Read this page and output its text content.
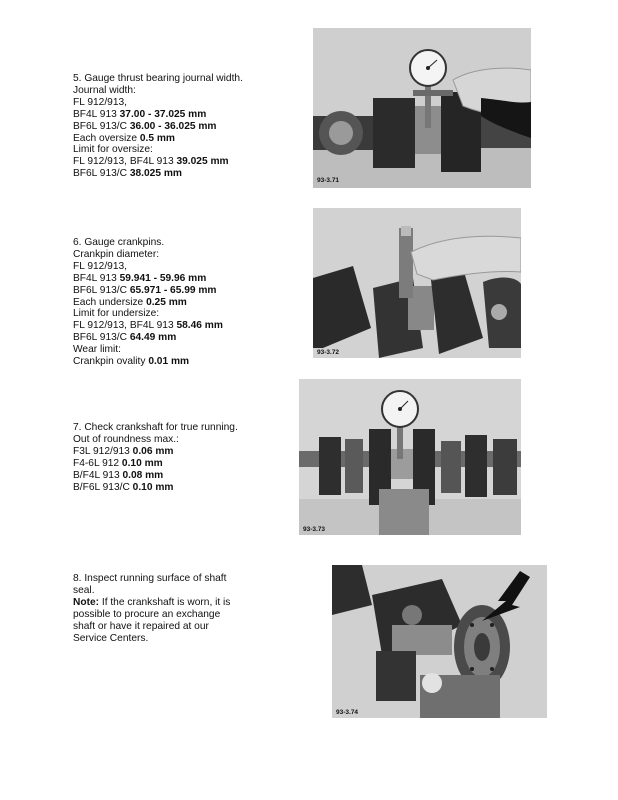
5. Gauge thrust bearing journal width.
Journal width:
FL 912/913,
BF4L 913 37.00 - 37.025 mm
BF6L 913/C 36.00 - 36.025 mm
Each oversize 0.5 mm
Limit for oversize:
FL 912/913, BF4L 913 39.025 mm
BF6L 913/C 38.025 mm
93-3.71
6. Gauge crankpins.
Crankpin diameter:
FL 912/913,
BF4L 913 59.941 - 59.96 mm
BF6L 913/C 65.971 - 65.99 mm
Each undersize 0.25 mm
Limit for undersize:
FL 912/913, BF4L 913 58.46 mm
BF6L 913/C 64.49 mm
Wear limit:
Crankpin ovality 0.01 mm
93-3.72
7. Check crankshaft for true running.
Out of roundness max.:
F3L 912/913 0.06 mm
F4-6L 912 0.10 mm
B/F4L 913 0.08 mm
B/F6L 913/C 0.10 mm
93-3.73
8. Inspect running surface of shaft
seal.
Note: If the crankshaft is worn, it is
possible to procure an exchange
shaft or have it repaired at our
Service Centers.
93-3.74
